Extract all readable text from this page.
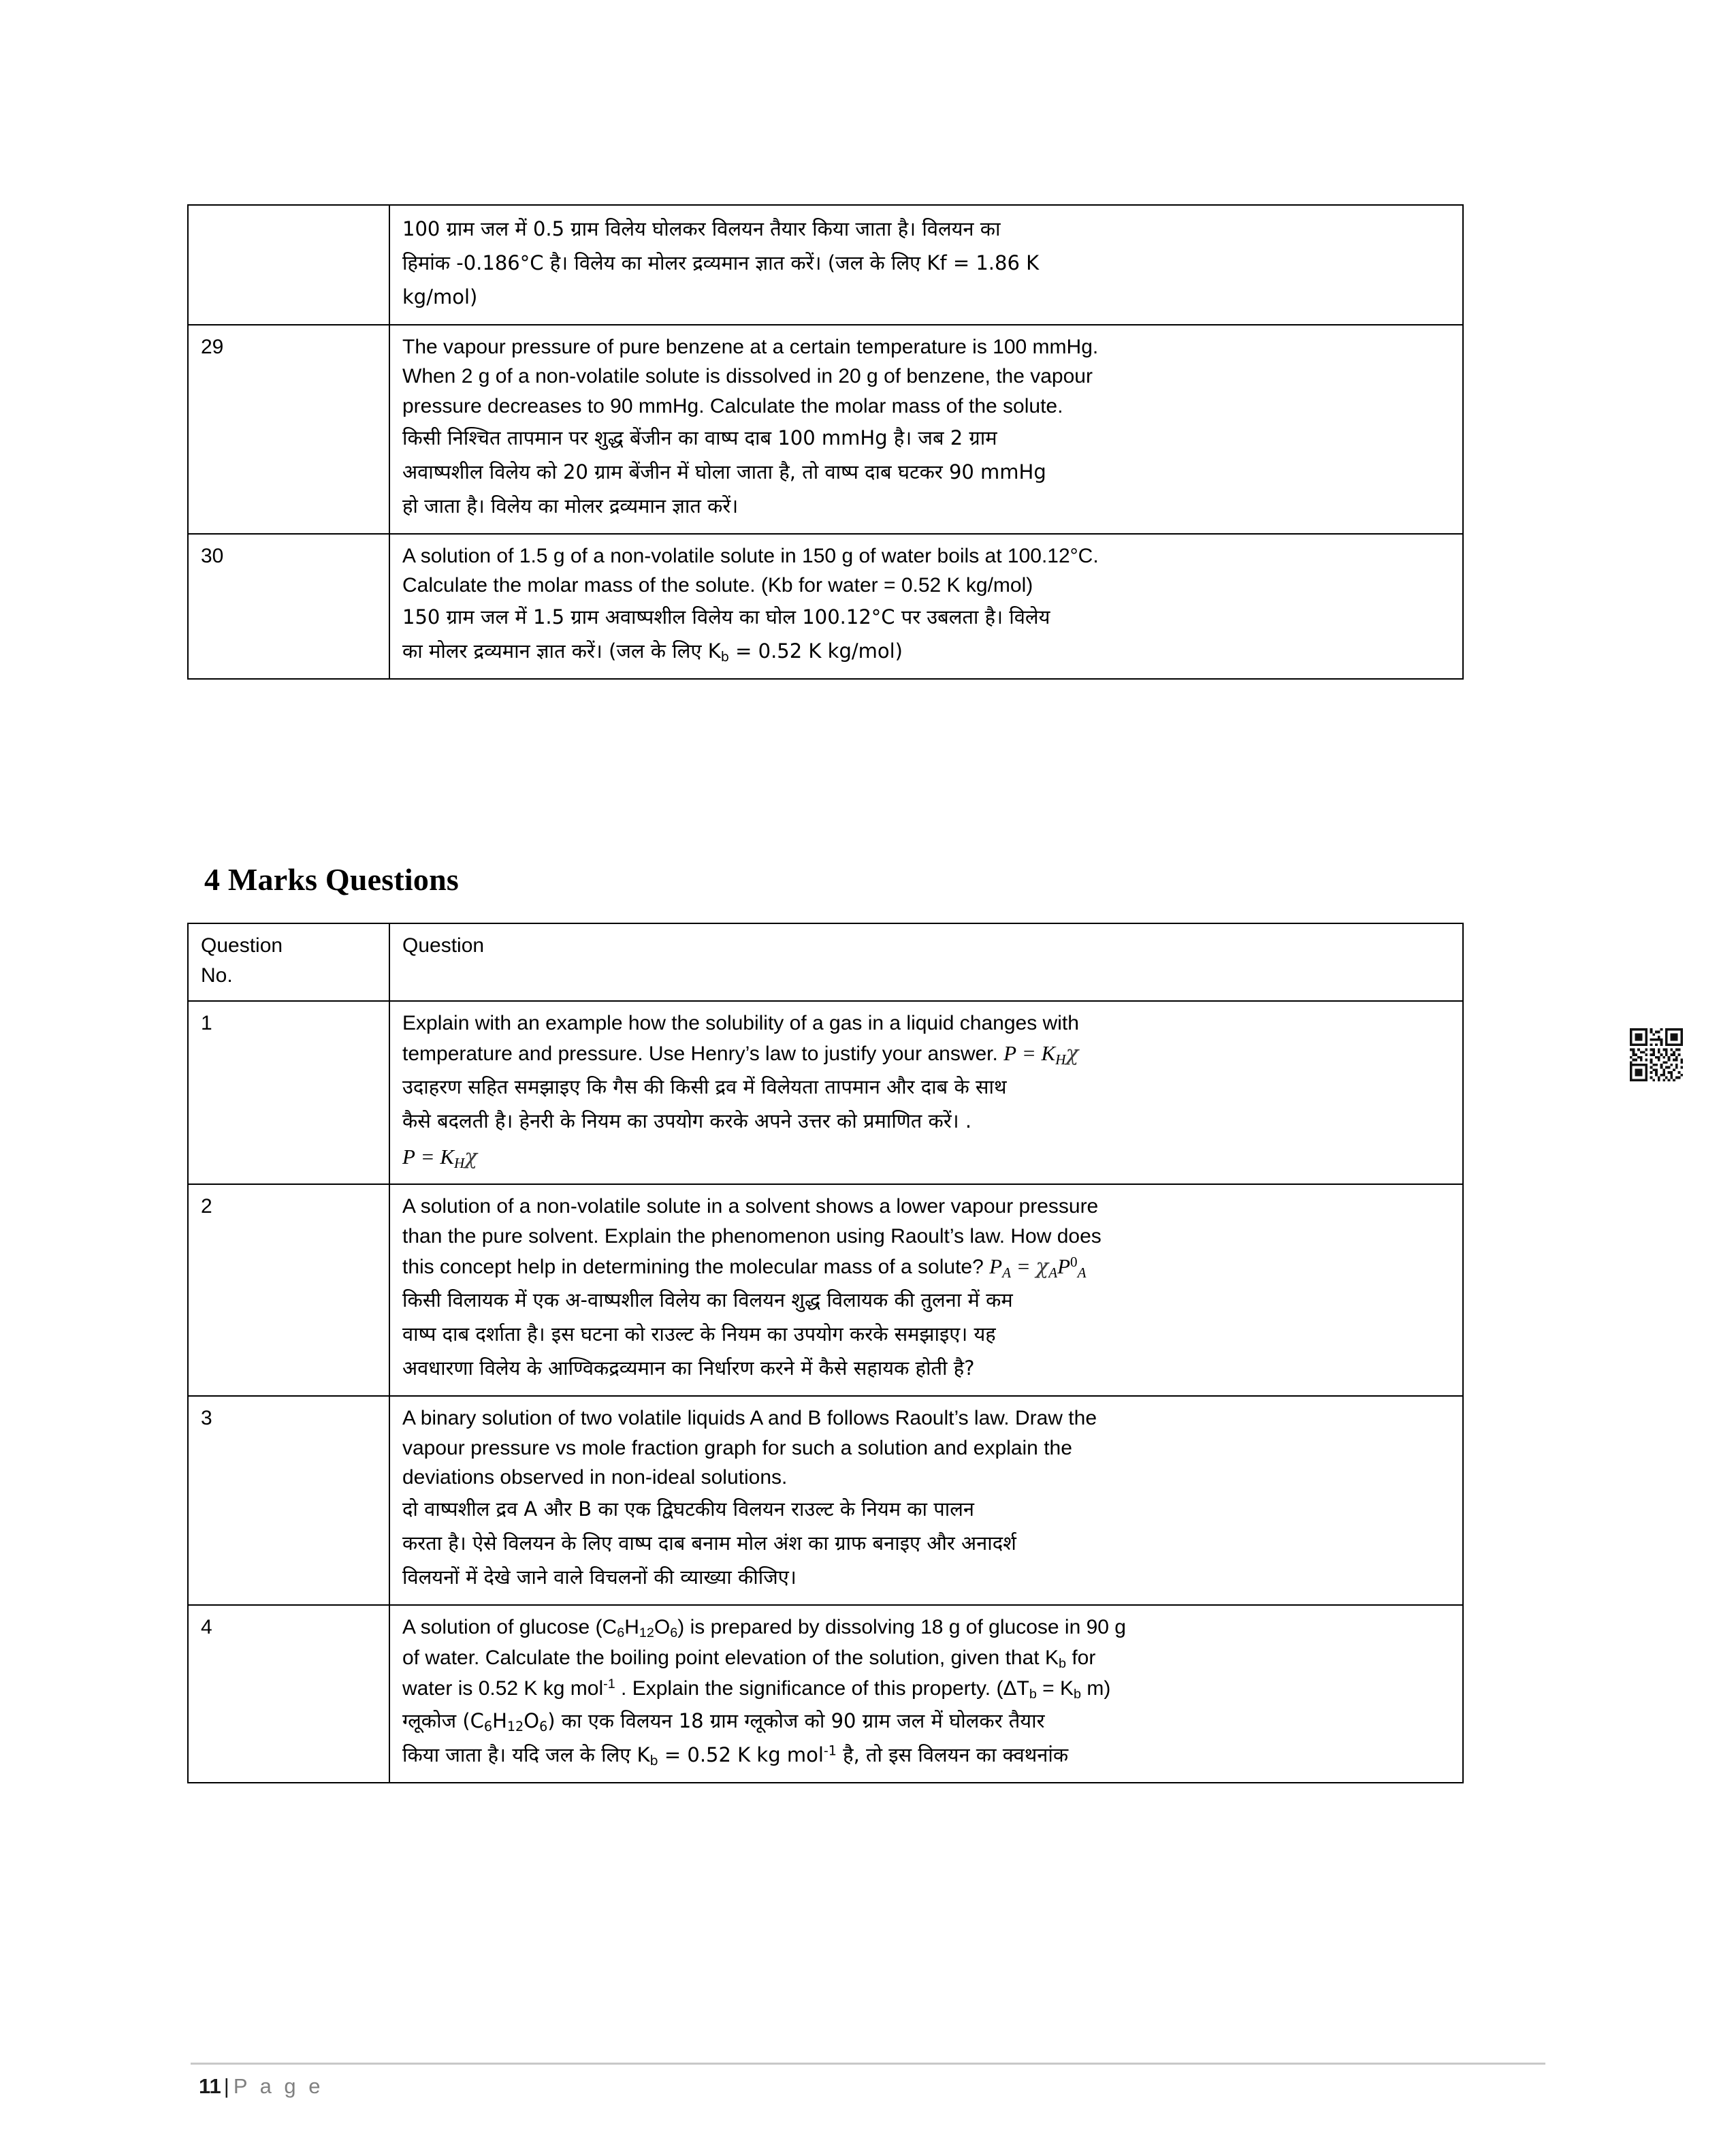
	100 ग्राम जल में 0.5 ग्राम विलेय घोलकर विलयन तैयार किया जाता है। विलयन का
हिमांक -0.186°C है। विलेय का मोलर द्रव्यमान ज्ञात करें। (जल के लिए Kf = 1.86 K
kg/mol)

29	The vapour pressure of pure benzene at a certain temperature is 100 mmHg.
When 2 g of a non-volatile solute is dissolved in 20 g of benzene, the vapour
pressure decreases to 90 mmHg. Calculate the molar mass of the solute.
किसी निश्चित तापमान पर शुद्ध बेंजीन का वाष्प दाब 100 mmHg है। जब 2 ग्राम
अवाष्पशील विलेय को 20 ग्राम बेंजीन में घोला जाता है, तो वाष्प दाब घटकर 90 mmHg
हो जाता है। विलेय का मोलर द्रव्यमान ज्ञात करें।

30	A solution of 1.5 g of a non-volatile solute in 150 g of water boils at 100.12°C.
Calculate the molar mass of the solute. (Kb for water = 0.52 K kg/mol)
150 ग्राम जल में 1.5 ग्राम अवाष्पशील विलेय का घोल 100.12°C पर उबलता है। विलेय
का मोलर द्रव्यमान ज्ञात करें। (जल के लिए $K_b = 0.52$ K kg/mol)
4 Marks Questions
Question
No.	Question

1	Explain with an example how the solubility of a gas in a liquid changes with
temperature and pressure. Use Henry’s law to justify your answer. $P = K_H\chi$
उदाहरण सहित समझाइए कि गैस की किसी द्रव में विलेयता तापमान और दाब के साथ
कैसे बदलती है। हेनरी के नियम का उपयोग करके अपने उत्तर को प्रमाणित करें। .
$P = K_H\chi$

2	A solution of a non-volatile solute in a solvent shows a lower vapour pressure
than the pure solvent. Explain the phenomenon using Raoult’s law. How does
this concept help in determining the molecular mass of a solute? $P_A = \chi_AP^0_A$
किसी विलायक में एक अ-वाष्पशील विलेय का विलयन शुद्ध विलायक की तुलना में कम
वाष्प दाब दर्शाता है। इस घटना को राउल्ट के नियम का उपयोग करके समझाइए। यह
अवधारणा विलेय के आण्विकद्रव्यमान का निर्धारण करने में कैसे सहायक होती है?

3	A binary solution of two volatile liquids A and B follows Raoult’s law. Draw the
vapour pressure vs mole fraction graph for such a solution and explain the
deviations observed in non-ideal solutions.
दो वाष्पशील द्रव A और B का एक द्विघटकीय विलयन राउल्ट के नियम का पालन
करता है। ऐसे विलयन के लिए वाष्प दाब बनाम मोल अंश का ग्राफ बनाइए और अनादर्श
विलयनों में देखे जाने वाले विचलनों की व्याख्या कीजिए।

4	A solution of glucose $(C_6H_{12}O_6)$ is prepared by dissolving 18 g of glucose in 90 g
of water. Calculate the boiling point elevation of the solution, given that $K_b$ for
water is 0.52 K kg mol$^{-1}$ . Explain the significance of this property. ($\Delta T_b = K_b$ m)
ग्लूकोज $(C_6H_{12}O_6)$ का एक विलयन 18 ग्राम ग्लूकोज को 90 ग्राम जल में घोलकर तैयार
किया जाता है। यदि जल के लिए $K_b = 0.52$ K kg mol$^{-1}$ है, तो इस विलयन का क्वथनांक
11 | P a g e
